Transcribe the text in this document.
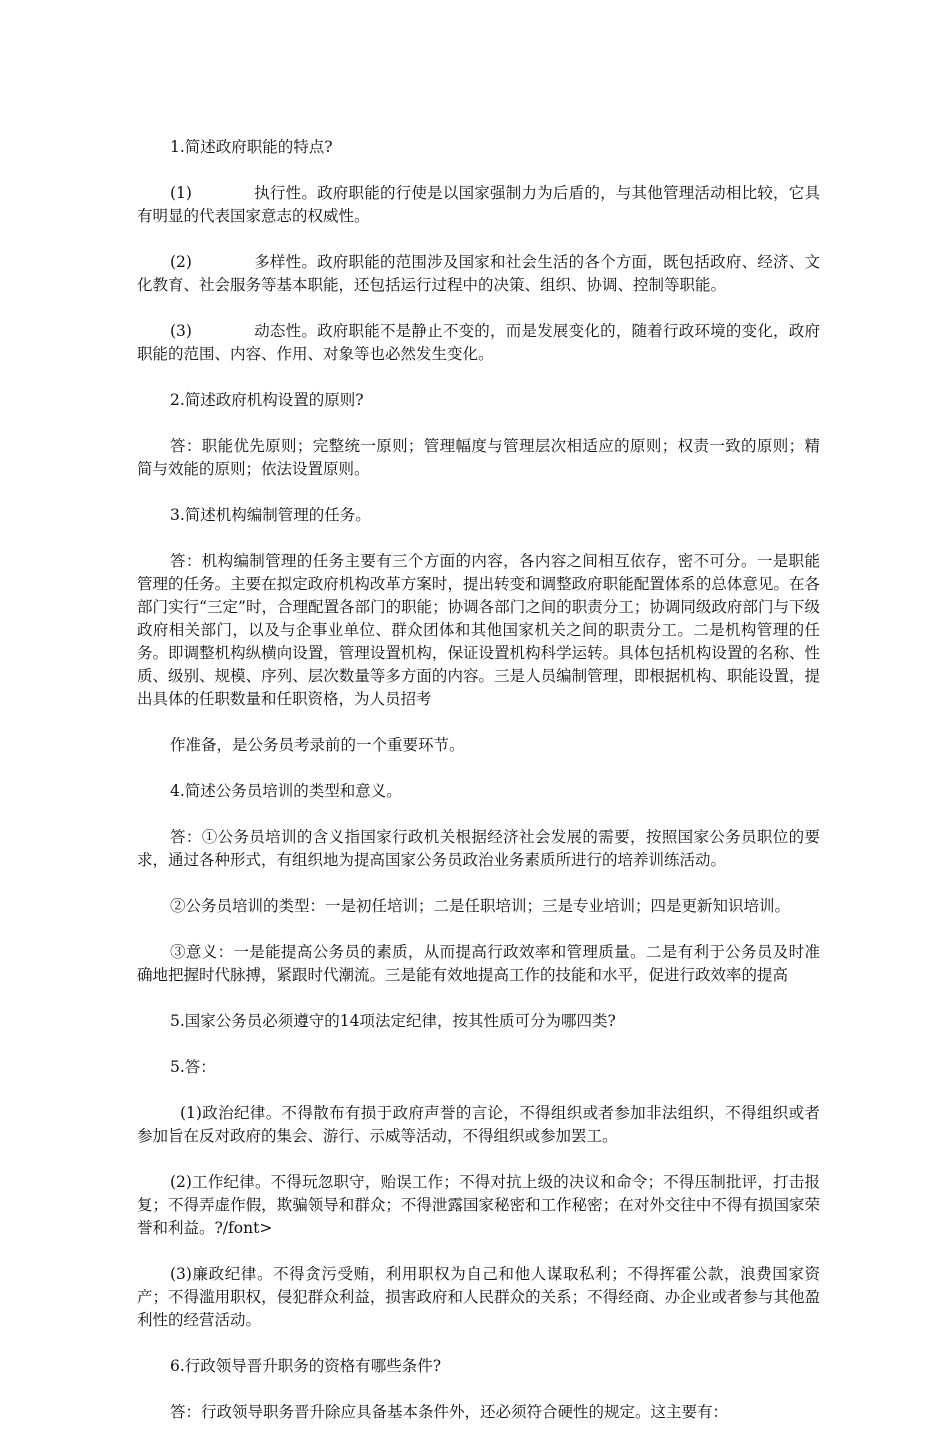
1.简述政府职能的特点?

(1)	执行性。政府职能的行使是以国家强制力为后盾的，与其他管理活动相比较，它具有明显的代表国家意志的权威性。

(2)	多样性。政府职能的范围涉及国家和社会生活的各个方面，既包括政府、经济、文化教育、社会服务等基本职能，还包括运行过程中的决策、组织、协调、控制等职能。

(3)	动态性。政府职能不是静止不变的，而是发展变化的，随着行政环境的变化，政府职能的范围、内容、作用、对象等也必然发生变化。

2.简述政府机构设置的原则?

答：职能优先原则；完整统一原则；管理幅度与管理层次相适应的原则；权责一致的原则；精简与效能的原则；依法设置原则。

3.简述机构编制管理的任务。

答：机构编制管理的任务主要有三个方面的内容，各内容之间相互依存，密不可分。一是职能管理的任务。主要在拟定政府机构改革方案时，提出转变和调整政府职能配置体系的总体意见。在各部门实行“三定”时，合理配置各部门的职能；协调各部门之间的职责分工；协调同级政府部门与下级政府相关部门，以及与企事业单位、群众团体和其他国家机关之间的职责分工。二是机构管理的任务。即调整机构纵横向设置，管理设置机构，保证设置机构科学运转。具体包括机构设置的名称、性质、级别、规模、序列、层次数量等多方面的内容。三是人员编制管理，即根据机构、职能设置，提出具体的任职数量和任职资格，为人员招考

作准备，是公务员考录前的一个重要环节。

4.简述公务员培训的类型和意义。

答：①公务员培训的含义指国家行政机关根据经济社会发展的需要，按照国家公务员职位的要求，通过各种形式，有组织地为提高国家公务员政治业务素质所进行的培养训练活动。

②公务员培训的类型：一是初任培训；二是任职培训；三是专业培训；四是更新知识培训。

③意义：一是能提高公务员的素质，从而提高行政效率和管理质量。二是有利于公务员及时准确地把握时代脉搏，紧跟时代潮流。三是能有效地提高工作的技能和水平，促进行政效率的提高

5.国家公务员必须遵守的14项法定纪律，按其性质可分为哪四类?

5.答：

(1)政治纪律。不得散布有损于政府声誉的言论，不得组织或者参加非法组织，不得组织或者参加旨在反对政府的集会、游行、示威等活动，不得组织或参加罢工。

(2)工作纪律。不得玩忽职守，贻误工作；不得对抗上级的决议和命令；不得压制批评，打击报复；不得弄虚作假，欺骗领导和群众；不得泄露国家秘密和工作秘密；在对外交往中不得有损国家荣誉和利益。?/font>

(3)廉政纪律。不得贪污受贿，利用职权为自己和他人谋取私利；不得挥霍公款，浪费国家资产；不得滥用职权，侵犯群众利益，损害政府和人民群众的关系；不得经商、办企业或者参与其他盈利性的经营活动。

6.行政领导晋升职务的资格有哪些条件?

答：行政领导职务晋升除应具备基本条件外，还必须符合硬性的规定。这主要有：
